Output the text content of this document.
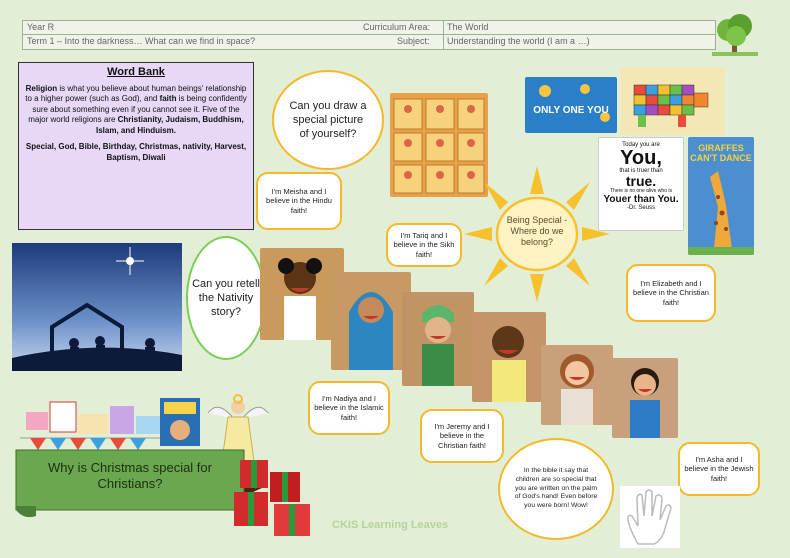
Year R	Curriculum Area: The World
Term 1 – Into the darkness… What can we find in space?	Subject: Understanding the world (I am a …)
Word Bank

Religion is what you believe about human beings' relationship to a higher power (such as God), and faith is being confidently sure about something even if you cannot see it. Five of the major world religions are Christianity, Judaism, Buddhism, Islam, and Hinduism.

Special, God, Bible, Birthday, Christmas, nativity, Harvest, Baptism, Diwali

Can you retell the Nativity story?
Can you draw a special picture of yourself?
ONLY ONE YOU
Today you are
You,
that is truer than
true.
There is no one alive who is
Youer than You.
-Dr. Seuss
GIRAFFES CAN'T DANCE
Being Special - Where do we belong?
I'm Meisha and I believe in the Hindu faith!
I'm Tariq and I believe in the Sikh faith!
I'm Elizabeth and I believe in the Christian faith!
I'm Nadiya and I believe in the Islamic faith!
I'm Jeremy and I believe in the Christian faith!
I'm Asha and I believe in the Jewish faith!
In the bible it say that children are so special that you are written on the palm of God's hand! Even before you were born! Wow!
Why is Christmas special for Christians?
CKIS Learning Leaves
